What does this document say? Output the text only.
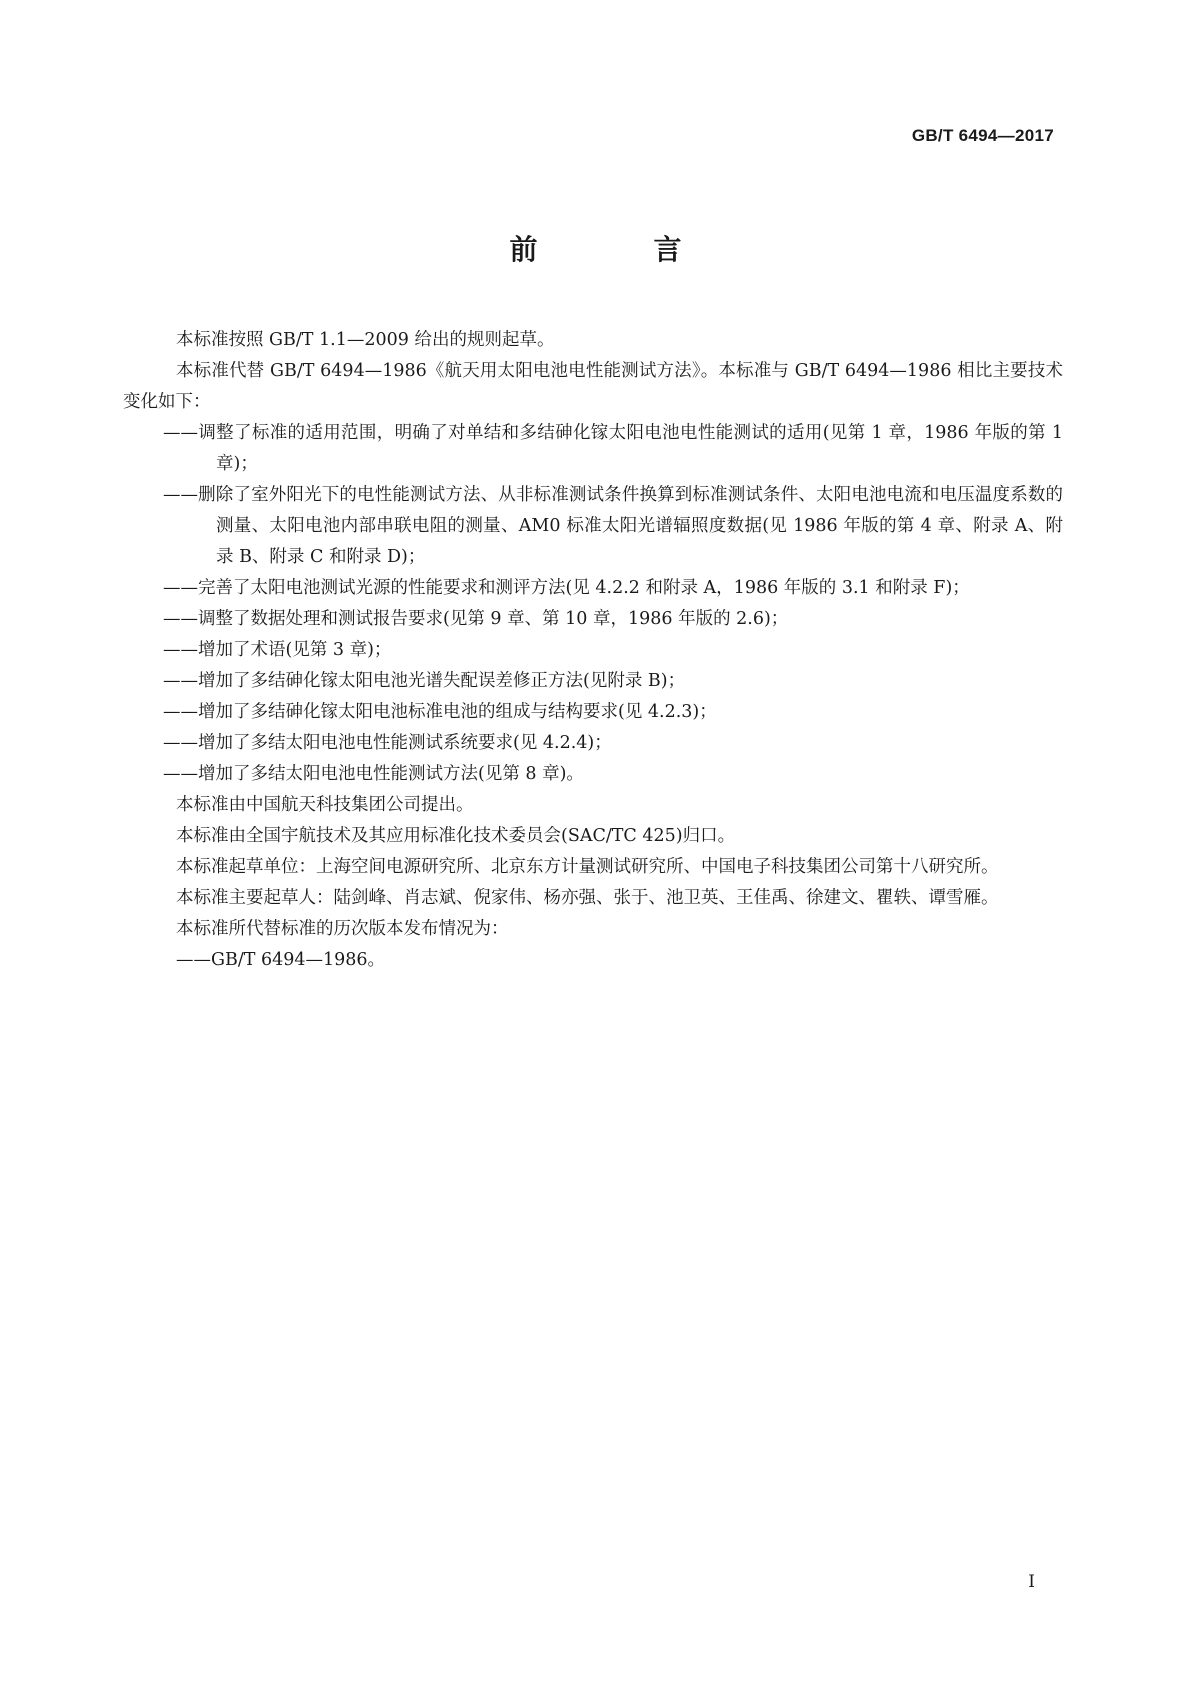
GB/T 6494—2017
前　言

本标准按照 GB/T 1.1—2009 给出的规则起草。

本标准代替 GB/T 6494—1986《航天用太阳电池电性能测试方法》。本标准与 GB/T 6494—1986 相比主要技术变化如下：

——调整了标准的适用范围，明确了对单结和多结砷化镓太阳电池电性能测试的适用(见第 1 章，1986 年版的第 1 章)；

——删除了室外阳光下的电性能测试方法、从非标准测试条件换算到标准测试条件、太阳电池电流和电压温度系数的测量、太阳电池内部串联电阻的测量、AM0 标准太阳光谱辐照度数据(见 1986 年版的第 4 章、附录 A、附录 B、附录 C 和附录 D)；

——完善了太阳电池测试光源的性能要求和测评方法(见 4.2.2 和附录 A，1986 年版的 3.1 和附录 F)；

——调整了数据处理和测试报告要求(见第 9 章、第 10 章，1986 年版的 2.6)；

——增加了术语(见第 3 章)；

——增加了多结砷化镓太阳电池光谱失配误差修正方法(见附录 B)；

——增加了多结砷化镓太阳电池标准电池的组成与结构要求(见 4.2.3)；

——增加了多结太阳电池电性能测试系统要求(见 4.2.4)；

——增加了多结太阳电池电性能测试方法(见第 8 章)。

本标准由中国航天科技集团公司提出。

本标准由全国宇航技术及其应用标准化技术委员会(SAC/TC 425)归口。

本标准起草单位：上海空间电源研究所、北京东方计量测试研究所、中国电子科技集团公司第十八研究所。

本标准主要起草人：陆剑峰、肖志斌、倪家伟、杨亦强、张于、池卫英、王佳禹、徐建文、瞿轶、谭雪雁。

本标准所代替标准的历次版本发布情况为：

——GB/T 6494—1986。

I
